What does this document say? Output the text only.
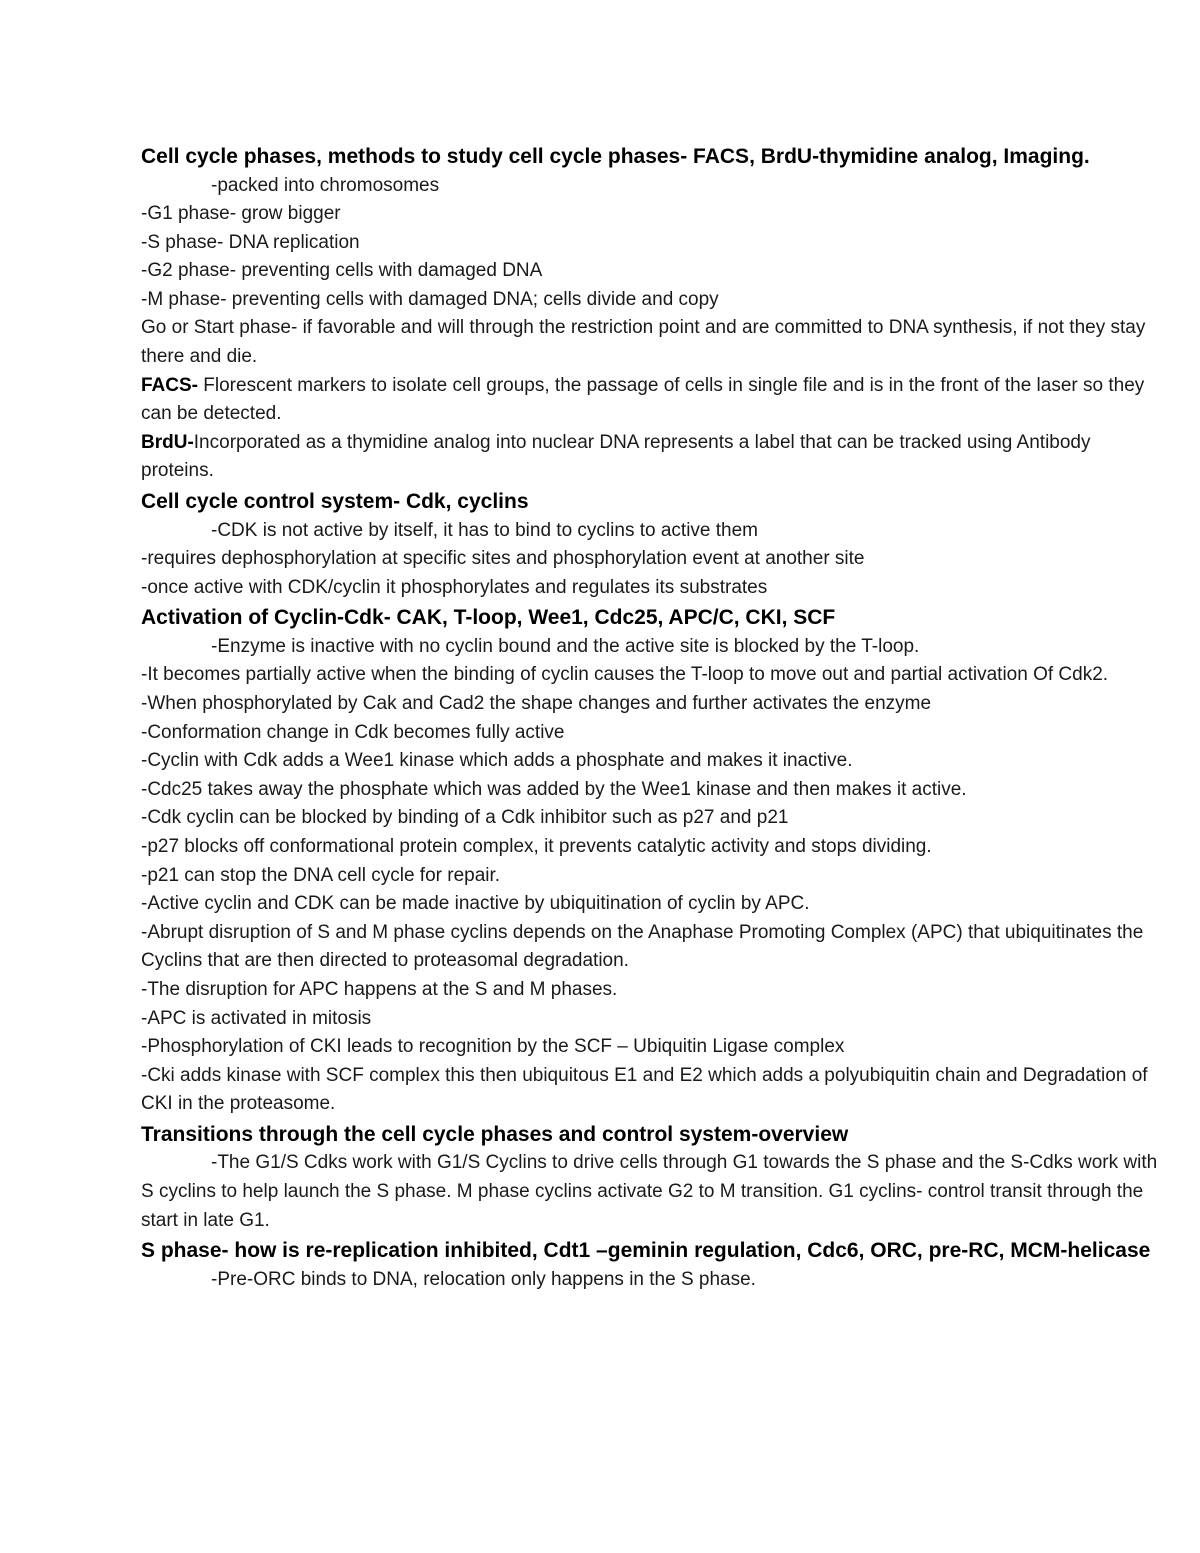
Cell cycle phases, methods to study cell cycle phases- FACS, BrdU-thymidine analog, Imaging.
-packed into chromosomes
-G1 phase- grow bigger
-S phase- DNA replication
-G2 phase- preventing cells with damaged DNA
-M phase- preventing cells with damaged DNA; cells divide and copy
Go or Start phase- if favorable and will through the restriction point and are committed to DNA synthesis, if not they stay there and die.
FACS- Florescent markers to isolate cell groups, the passage of cells in single file and is in the front of the laser so they can be detected.
BrdU-Incorporated as a thymidine analog into nuclear DNA represents a label that can be tracked using Antibody proteins.
Cell cycle control system- Cdk, cyclins
-CDK is not active by itself, it has to bind to cyclins to active them
-requires dephosphorylation at specific sites and phosphorylation event at another site
-once active with CDK/cyclin it phosphorylates and regulates its substrates
Activation of Cyclin-Cdk- CAK, T-loop, Wee1, Cdc25, APC/C, CKI, SCF
-Enzyme is inactive with no cyclin bound and the active site is blocked by the T-loop.
-It becomes partially active when the binding of cyclin causes the T-loop to move out and partial activation Of Cdk2.
-When phosphorylated by Cak and Cad2 the shape changes and further activates the enzyme
-Conformation change in Cdk becomes fully active
-Cyclin with Cdk adds a Wee1 kinase which adds a phosphate and makes it inactive.
-Cdc25 takes away the phosphate which was added by the Wee1 kinase and then makes it active.
-Cdk cyclin can be blocked by binding of a Cdk inhibitor such as p27 and p21
-p27 blocks off conformational protein complex, it prevents catalytic activity and stops dividing.
-p21 can stop the DNA cell cycle for repair.
-Active cyclin and CDK can be made inactive by ubiquitination of cyclin by APC.
-Abrupt disruption of S and M phase cyclins depends on the Anaphase Promoting Complex (APC) that ubiquitinates the Cyclins that are then directed to proteasomal degradation.
-The disruption for APC happens at the S and M phases.
-APC is activated in mitosis
-Phosphorylation of CKI leads to recognition by the SCF – Ubiquitin Ligase complex
-Cki adds kinase with SCF complex this then ubiquitous E1 and E2 which adds a polyubiquitin chain and Degradation of CKI in the proteasome.
Transitions through the cell cycle phases and control system-overview
-The G1/S Cdks work with G1/S Cyclins to drive cells through G1 towards the S phase and the S-Cdks work with S cyclins to help launch the S phase. M phase cyclins activate G2 to M transition. G1 cyclins- control transit through the start in late G1.
S phase- how is re-replication inhibited, Cdt1 –geminin regulation, Cdc6, ORC, pre-RC, MCM-helicase
-Pre-ORC binds to DNA, relocation only happens in the S phase.
